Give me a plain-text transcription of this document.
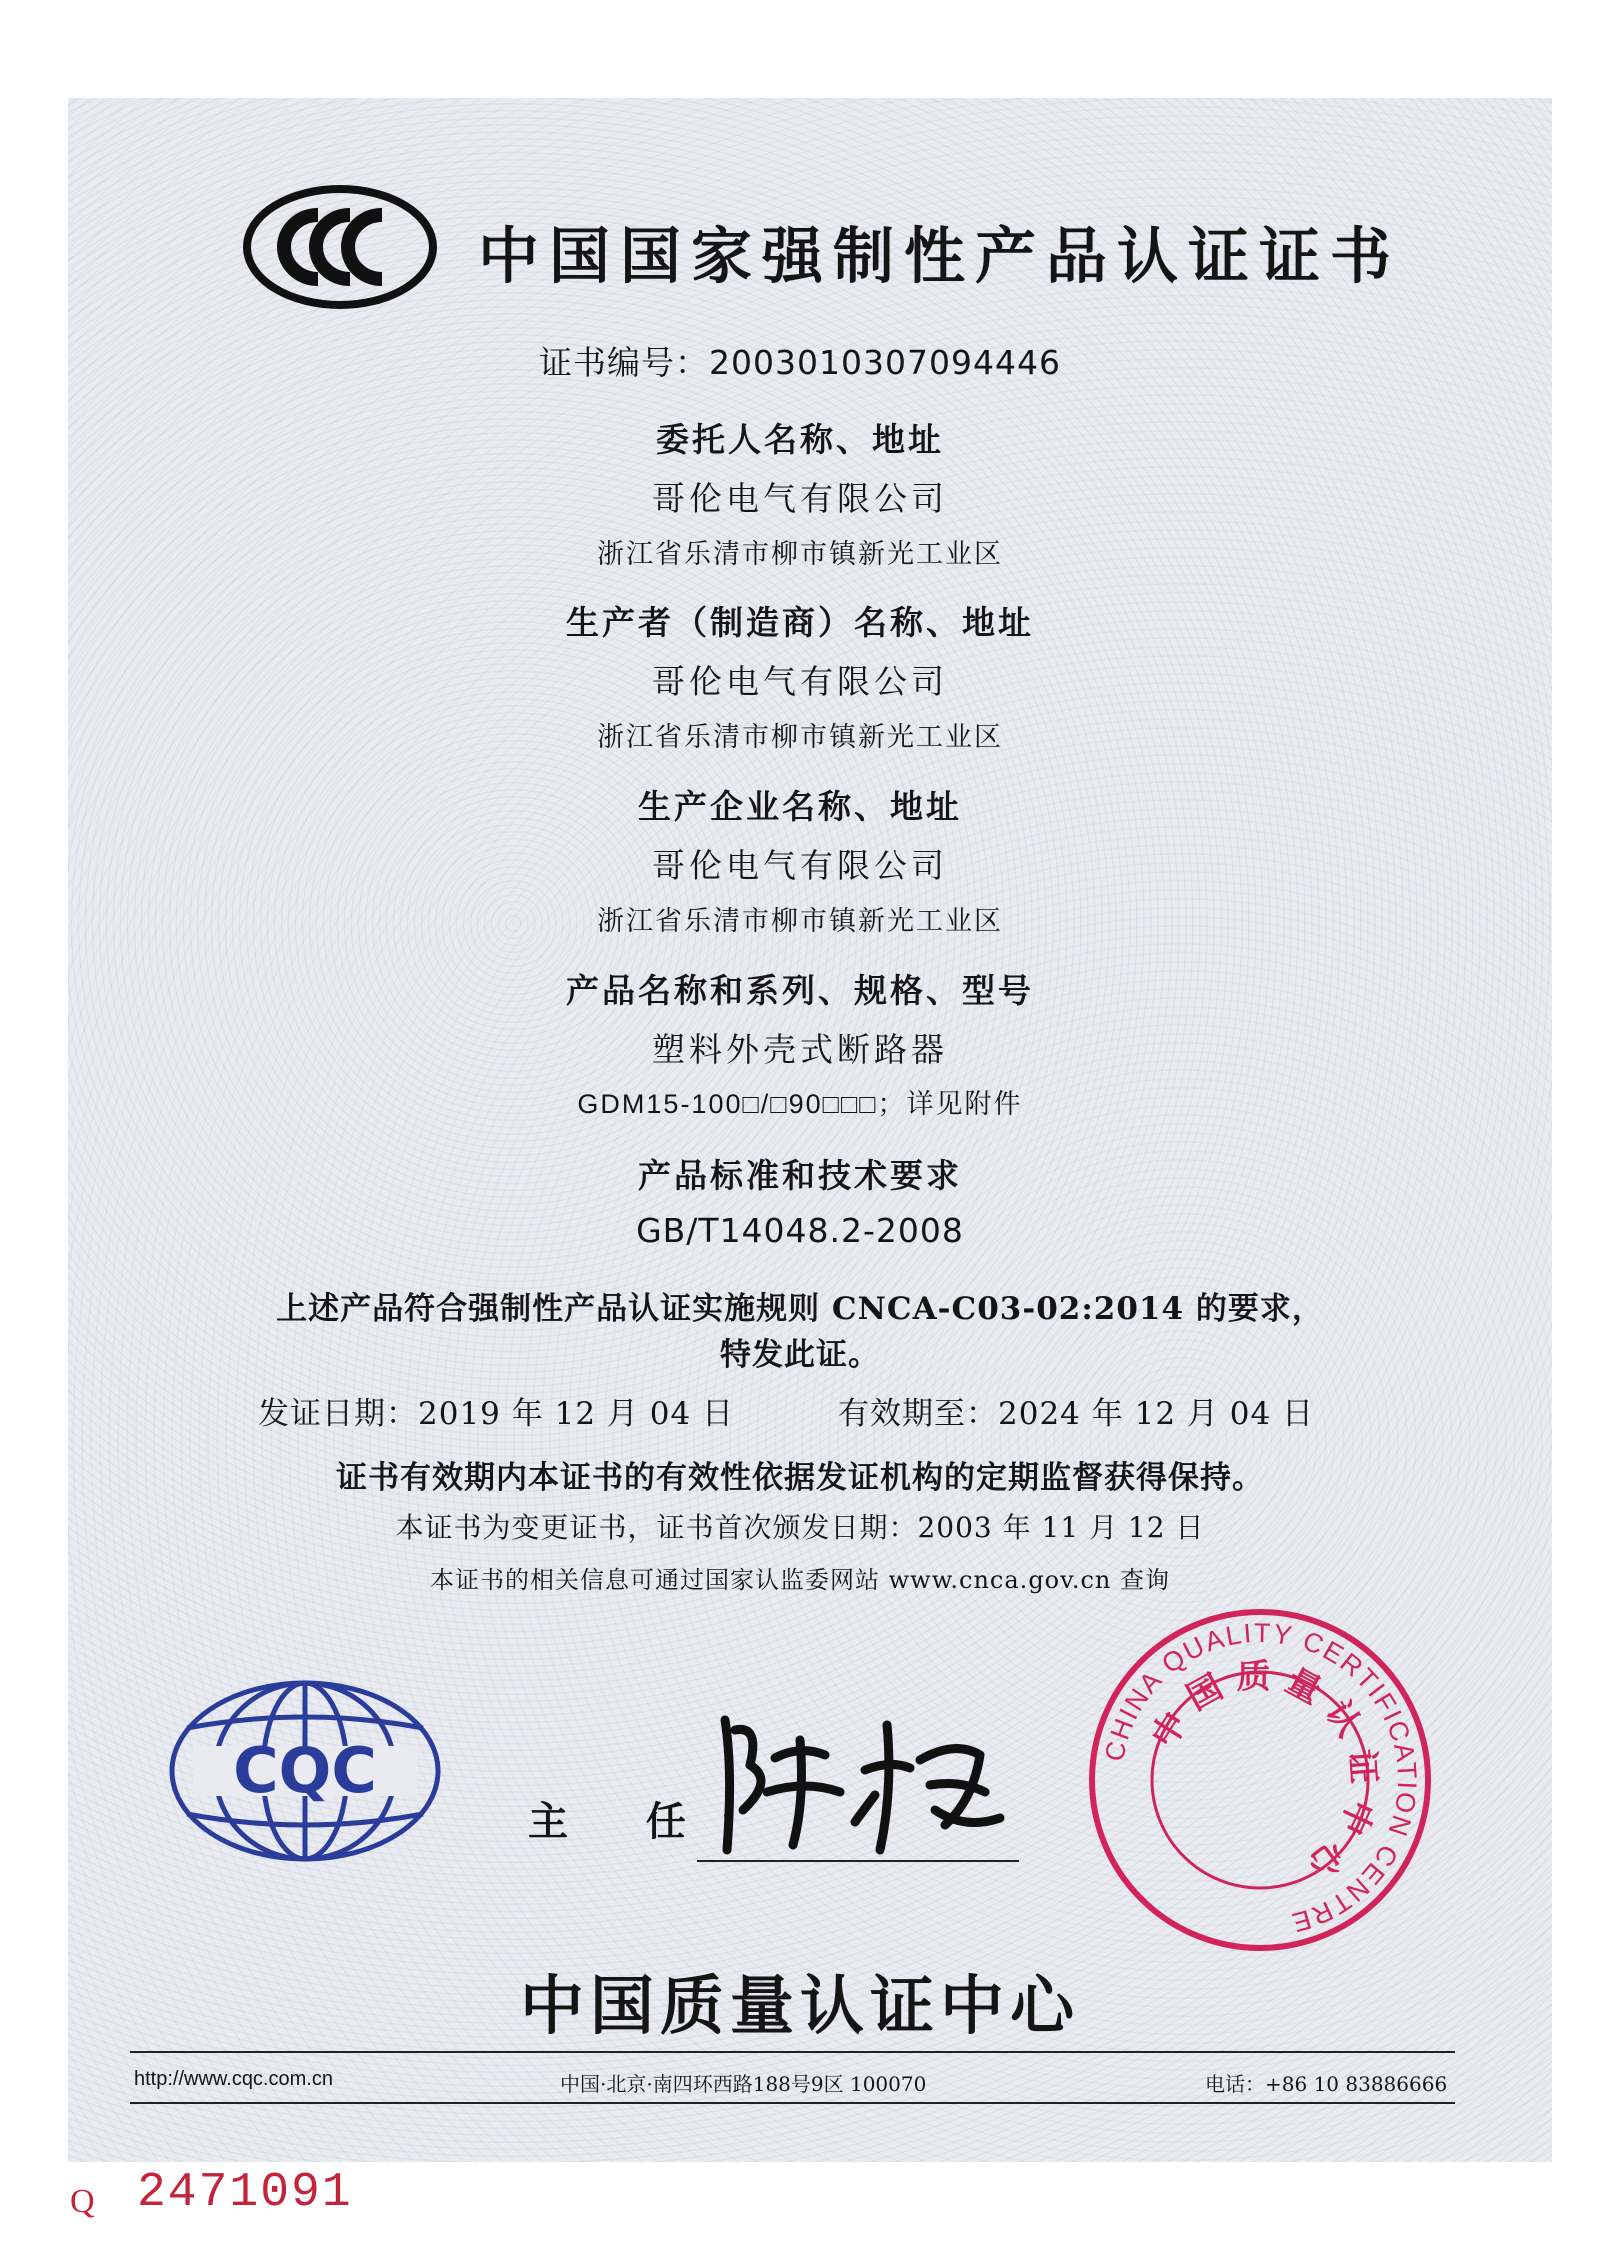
中国国家强制性产品认证证书
证书编号：2003010307094446
委托人名称、地址
哥伦电气有限公司
浙江省乐清市柳市镇新光工业区
生产者（制造商）名称、地址
哥伦电气有限公司
浙江省乐清市柳市镇新光工业区
生产企业名称、地址
哥伦电气有限公司
浙江省乐清市柳市镇新光工业区
产品名称和系列、规格、型号
塑料外壳式断路器
GDM15-100□/□90□□□；详见附件
产品标准和技术要求
GB/T14048.2-2008
上述产品符合强制性产品认证实施规则 CNCA-C03-02:2014 的要求，
特发此证。
发证日期：2019 年 12 月 04 日	有效期至：2024 年 12 月 04 日
证书有效期内本证书的有效性依据发证机构的定期监督获得保持。
本证书为变更证书，证书首次颁发日期：2003 年 11 月 12 日
本证书的相关信息可通过国家认监委网站 www.cnca.gov.cn 查询
CQC
主 任：
CHINA QUALITY CERTIFICATION CENTRE
中国质量认证中心
中国质量认证中心
http://www.cqc.com.cn	中国·北京·南四环西路188号9区 100070	电话：+86 10 83886666
Q 2471091
